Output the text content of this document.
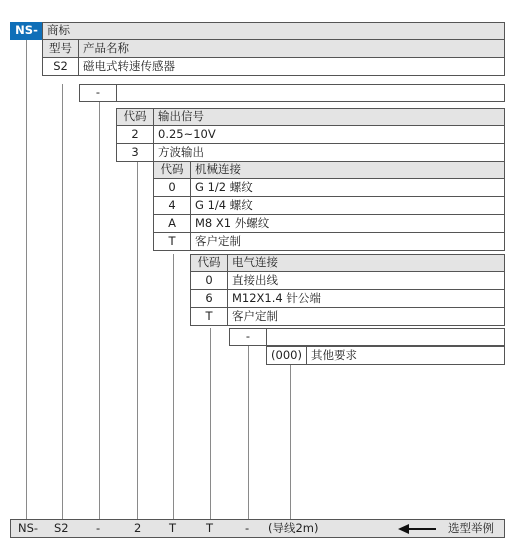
NS- 商标
型号 产品名称
S2	磁电式转速传感器
-
代码	输出信号
2	0.25~10V
3	方波输出
代码	机械连接
0	G 1/2 螺纹
4	G 1/4 螺纹
A	M8 X1 外螺纹
T	客户定制
代码	电气连接
0	直接出线
6	M12X1.4 针公端
T	客户定制
-
(000) 其他要求
NS- S2 -	2 T	T	- (导线2m)	选型举例
